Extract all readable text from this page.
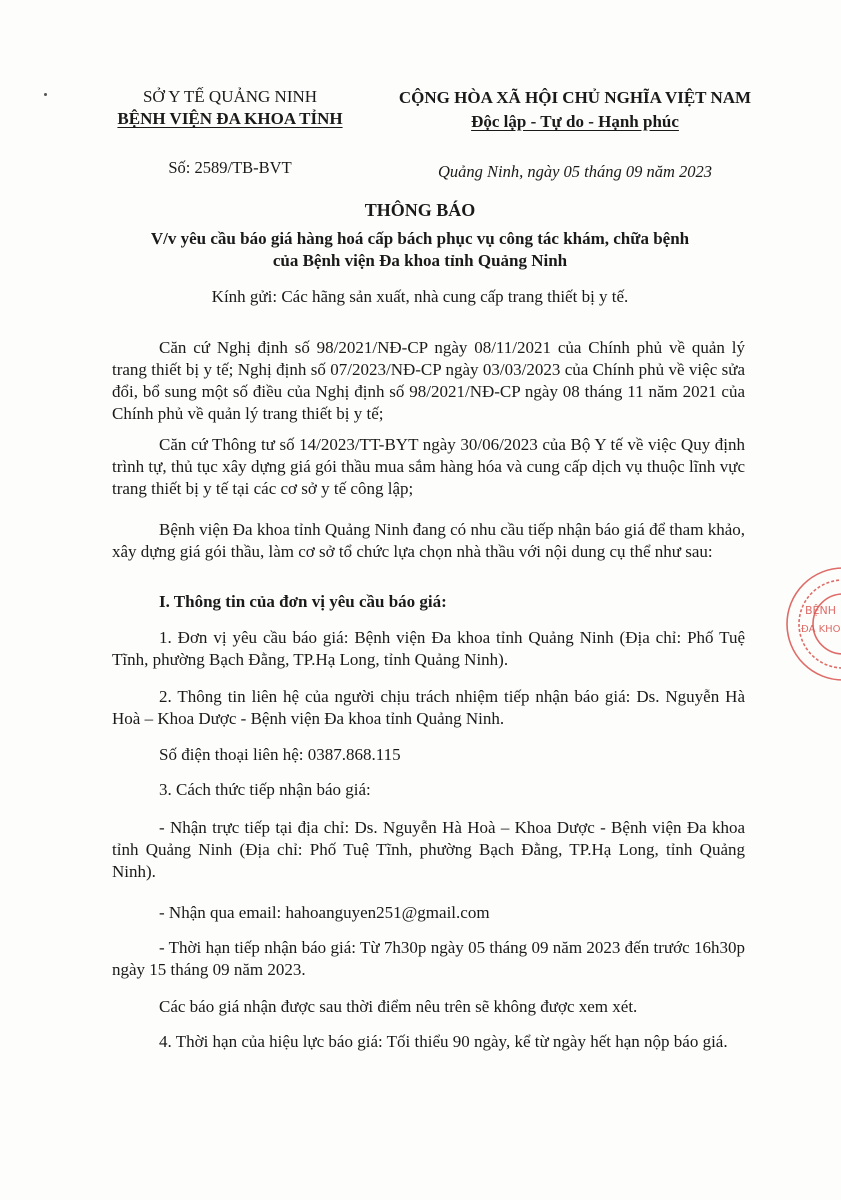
SỞ Y TẾ QUẢNG NINH
BỆNH VIỆN ĐA KHOA TỈNH
CỘNG HÒA XÃ HỘI CHỦ NGHĨA VIỆT NAM
Độc lập - Tự do - Hạnh phúc
Số: 2589/TB-BVT	Quảng Ninh, ngày 05 tháng 09 năm 2023
THÔNG BÁO
V/v yêu cầu báo giá hàng hoá cấp bách phục vụ công tác khám, chữa bệnh
của Bệnh viện Đa khoa tỉnh Quảng Ninh
Kính gửi: Các hãng sản xuất, nhà cung cấp trang thiết bị y tế.
Căn cứ Nghị định số 98/2021/NĐ-CP ngày 08/11/2021 của Chính phủ về quản lý trang thiết bị y tế; Nghị định số 07/2023/NĐ-CP ngày 03/03/2023 của Chính phủ về việc sửa đổi, bổ sung một số điều của Nghị định số 98/2021/NĐ-CP ngày 08 tháng 11 năm 2021 của Chính phủ về quản lý trang thiết bị y tế;
Căn cứ Thông tư số 14/2023/TT-BYT ngày 30/06/2023 của Bộ Y tế về việc Quy định trình tự, thủ tục xây dựng giá gói thầu mua sắm hàng hóa và cung cấp dịch vụ thuộc lĩnh vực trang thiết bị y tế tại các cơ sở y tế công lập;
Bệnh viện Đa khoa tỉnh Quảng Ninh đang có nhu cầu tiếp nhận báo giá để tham khảo, xây dựng giá gói thầu, làm cơ sở tổ chức lựa chọn nhà thầu với nội dung cụ thể như sau:
I. Thông tin của đơn vị yêu cầu báo giá:
1. Đơn vị yêu cầu báo giá: Bệnh viện Đa khoa tỉnh Quảng Ninh (Địa chỉ: Phố Tuệ Tĩnh, phường Bạch Đằng, TP.Hạ Long, tỉnh Quảng Ninh).
2. Thông tin liên hệ của người chịu trách nhiệm tiếp nhận báo giá: Ds. Nguyễn Hà Hoà – Khoa Dược - Bệnh viện Đa khoa tỉnh Quảng Ninh.
Số điện thoại liên hệ: 0387.868.115
3. Cách thức tiếp nhận báo giá:
- Nhận trực tiếp tại địa chỉ: Ds. Nguyễn Hà Hoà – Khoa Dược - Bệnh viện Đa khoa tỉnh Quảng Ninh (Địa chỉ: Phố Tuệ Tĩnh, phường Bạch Đằng, TP.Hạ Long, tỉnh Quảng Ninh).
- Nhận qua email: hahoanguyen251@gmail.com
- Thời hạn tiếp nhận báo giá: Từ 7h30p ngày 05 tháng 09 năm 2023 đến trước 16h30p ngày 15 tháng 09 năm 2023.
Các báo giá nhận được sau thời điểm nêu trên sẽ không được xem xét.
4. Thời hạn của hiệu lực báo giá: Tối thiểu 90 ngày, kể từ ngày hết hạn nộp báo giá.
BỆNH
ĐA KHO
